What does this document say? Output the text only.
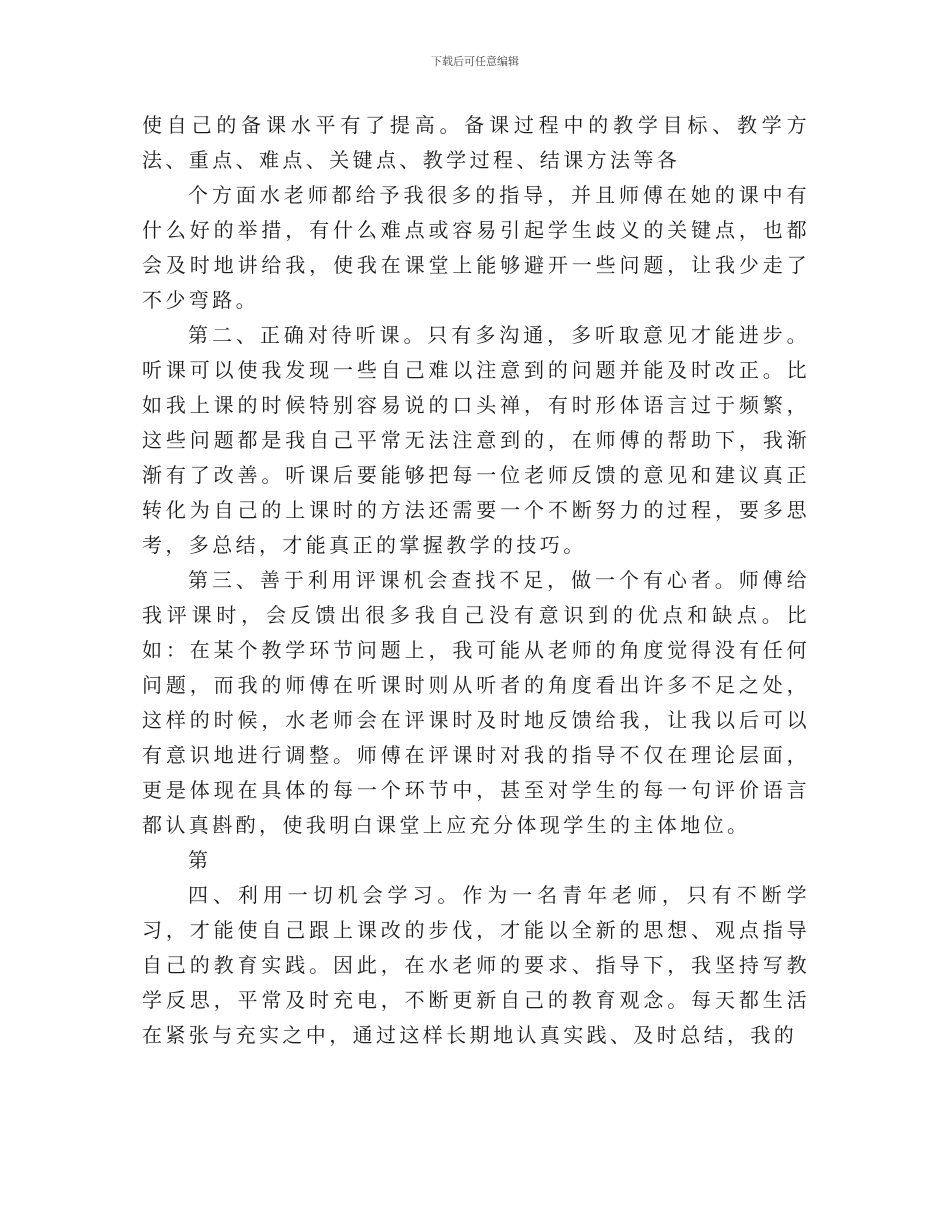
下载后可任意编辑

使自己的备课水平有了提高。备课过程中的教学目标、教学方法、重点、难点、关键点、教学过程、结课方法等各

个方面水老师都给予我很多的指导，并且师傅在她的课中有什么好的举措，有什么难点或容易引起学生歧义的关键点，也都会及时地讲给我，使我在课堂上能够避开一些问题，让我少走了不少弯路。

第二、正确对待听课。只有多沟通，多听取意见才能进步。听课可以使我发现一些自己难以注意到的问题并能及时改正。比如我上课的时候特别容易说的口头禅，有时形体语言过于频繁，这些问题都是我自己平常无法注意到的，在师傅的帮助下，我渐渐有了改善。听课后要能够把每一位老师反馈的意见和建议真正转化为自己的上课时的方法还需要一个不断努力的过程，要多思考，多总结，才能真正的掌握教学的技巧。

第三、善于利用评课机会查找不足，做一个有心者。师傅给我评课时，会反馈出很多我自己没有意识到的优点和缺点。比如：在某个教学环节问题上，我可能从老师的角度觉得没有任何问题，而我的师傅在听课时则从听者的角度看出许多不足之处，这样的时候，水老师会在评课时及时地反馈给我，让我以后可以有意识地进行调整。师傅在评课时对我的指导不仅在理论层面，更是体现在具体的每一个环节中，甚至对学生的每一句评价语言都认真斟酌，使我明白课堂上应充分体现学生的主体地位。

第

四、利用一切机会学习。作为一名青年老师，只有不断学习，才能使自己跟上课改的步伐，才能以全新的思想、观点指导自己的教育实践。因此，在水老师的要求、指导下，我坚持写教学反思，平常及时充电，不断更新自己的教育观念。每天都生活在紧张与充实之中，通过这样长期地认真实践、及时总结，我的
